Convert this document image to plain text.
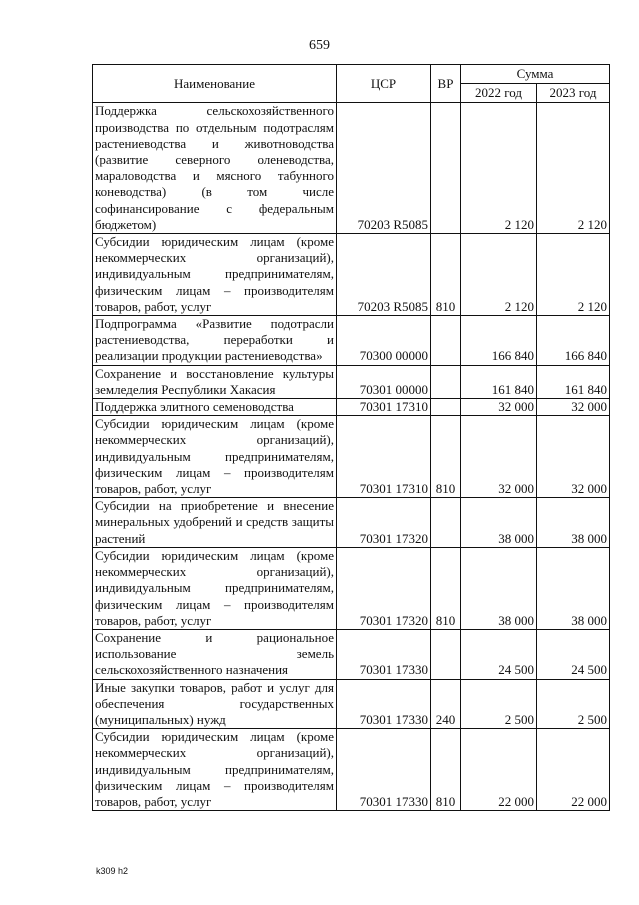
659
Наименование	ЦСР	ВР	Сумма	
			2022 год	2023 год
Поддержка сельскохозяйственного производства по отдельным подотраслям растениеводства и животноводства (развитие северного оленеводства, мараловодства и мясного табунного коневодства) (в том числе софинансирование с федеральным бюджетом)	70203 R5085		2 120	2 120
Субсидии юридическим лицам (кроме некоммерческих организаций), индивидуальным предпринимателям, физическим лицам – производителям товаров, работ, услуг	70203 R5085	810	2 120	2 120
Подпрограмма «Развитие подотрасли растениеводства, переработки и реализации продукции растениеводства»	70300 00000		166 840	166 840
Сохранение и восстановление культуры земледелия Республики Хакасия	70301 00000		161 840	161 840
Поддержка элитного семеноводства	70301 17310		32 000	32 000
Субсидии юридическим лицам (кроме некоммерческих организаций), индивидуальным предпринимателям, физическим лицам – производителям товаров, работ, услуг	70301 17310	810	32 000	32 000
Субсидии на приобретение и внесение минеральных удобрений и средств защиты растений	70301 17320		38 000	38 000
Субсидии юридическим лицам (кроме некоммерческих организаций), индивидуальным предпринимателям, физическим лицам – производителям товаров, работ, услуг	70301 17320	810	38 000	38 000
Сохранение и рациональное использование земель сельскохозяйственного назначения	70301 17330		24 500	24 500
Иные закупки товаров, работ и услуг для обеспечения государственных (муниципальных) нужд	70301 17330	240	2 500	2 500
Субсидии юридическим лицам (кроме некоммерческих организаций), индивидуальным предпринимателям, физическим лицам – производителям товаров, работ, услуг	70301 17330	810	22 000	22 000
k309 h2
